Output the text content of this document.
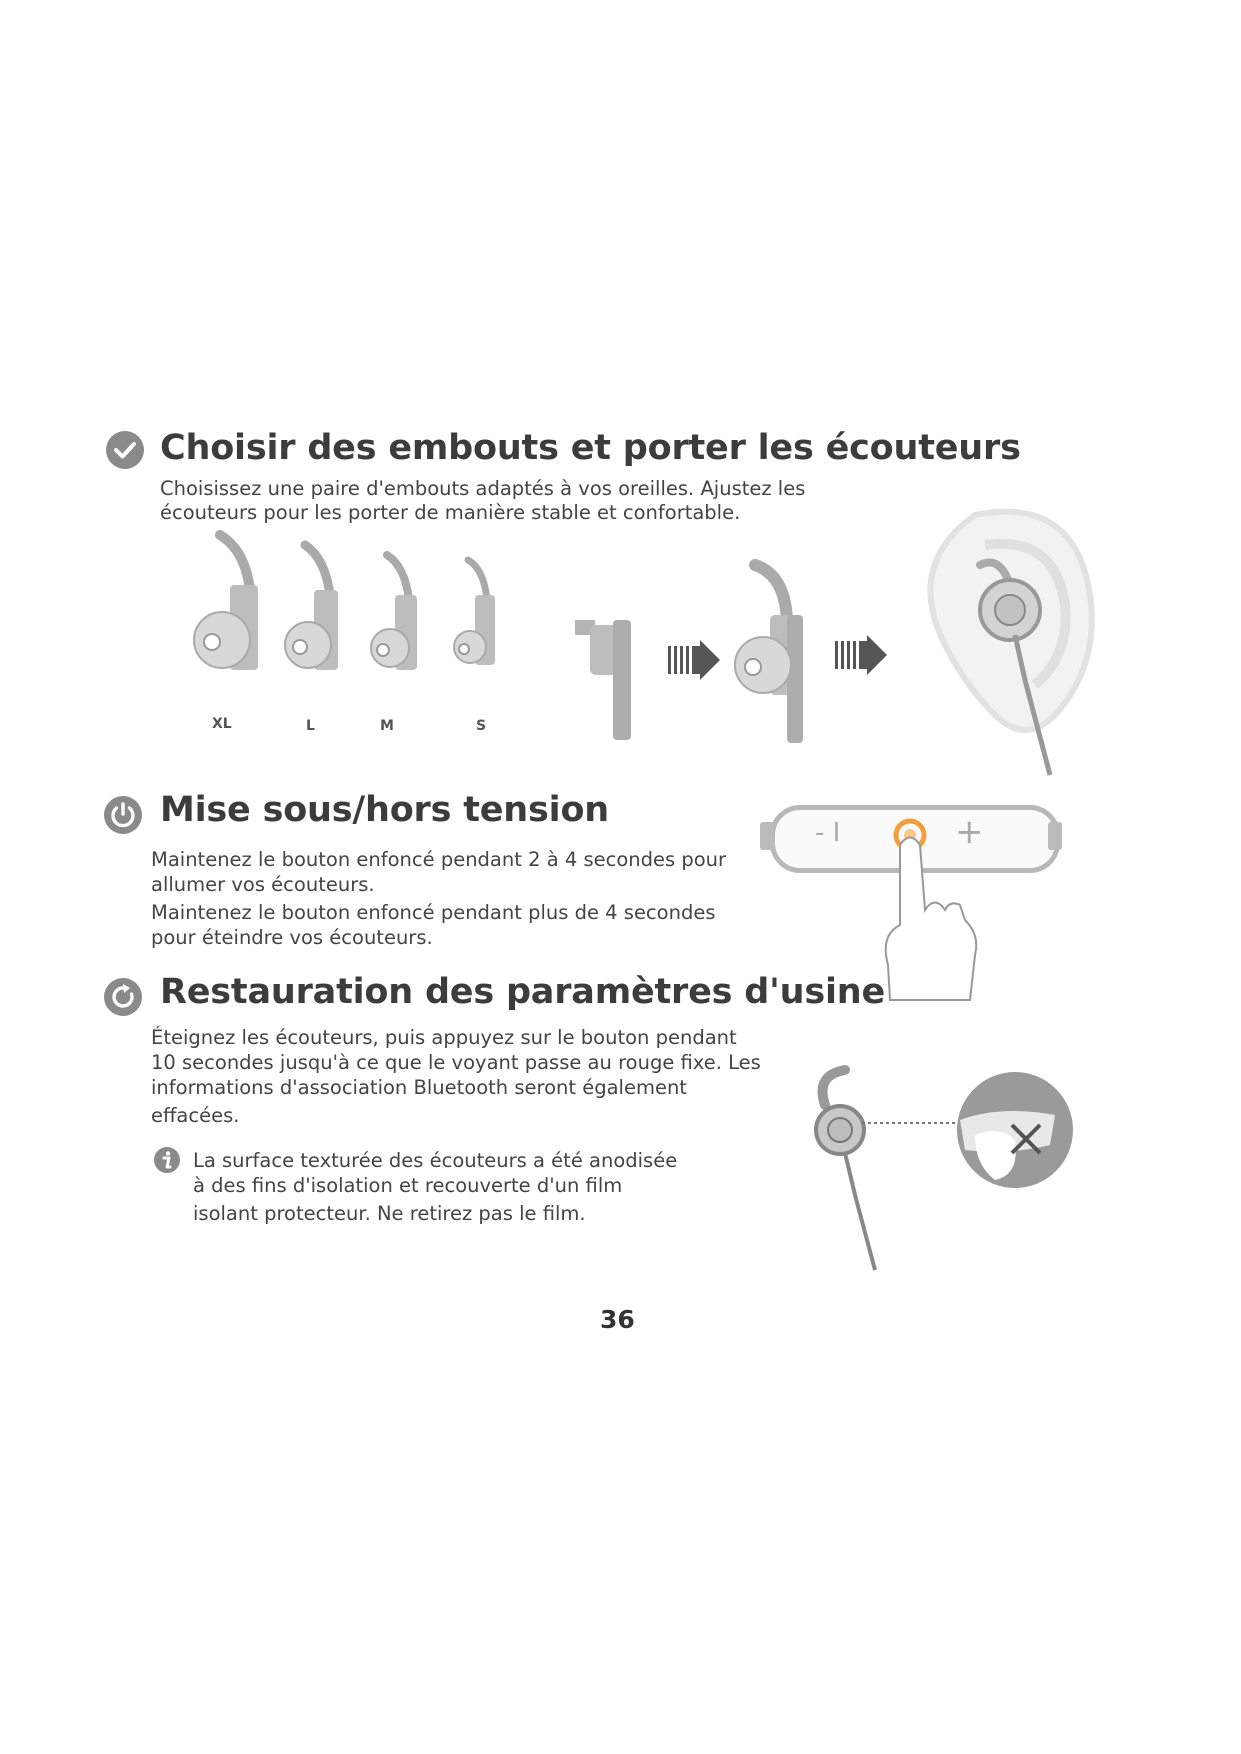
Choisir des embouts et porter les écouteurs

Choisissez une paire d'embouts adaptés à vos oreilles. Ajustez les

écouteurs pour les porter de manière stable et confortable.

XL	L	M	S
Mise sous/hors tension

Maintenez le bouton enfoncé pendant 2 à 4 secondes pour

allumer vos écouteurs.

Maintenez le bouton enfoncé pendant plus de 4 secondes

pour éteindre vos écouteurs.

- I	+
Restauration des paramètres d'usine

Éteignez les écouteurs, puis appuyez sur le bouton pendant

10 secondes jusqu'à ce que le voyant passe au rouge fixe. Les

informations d'association Bluetooth seront également

effacées.

La surface texturée des écouteurs a été anodisée

à des fins d'isolation et recouverte d'un film

isolant protecteur. Ne retirez pas le film.

36
